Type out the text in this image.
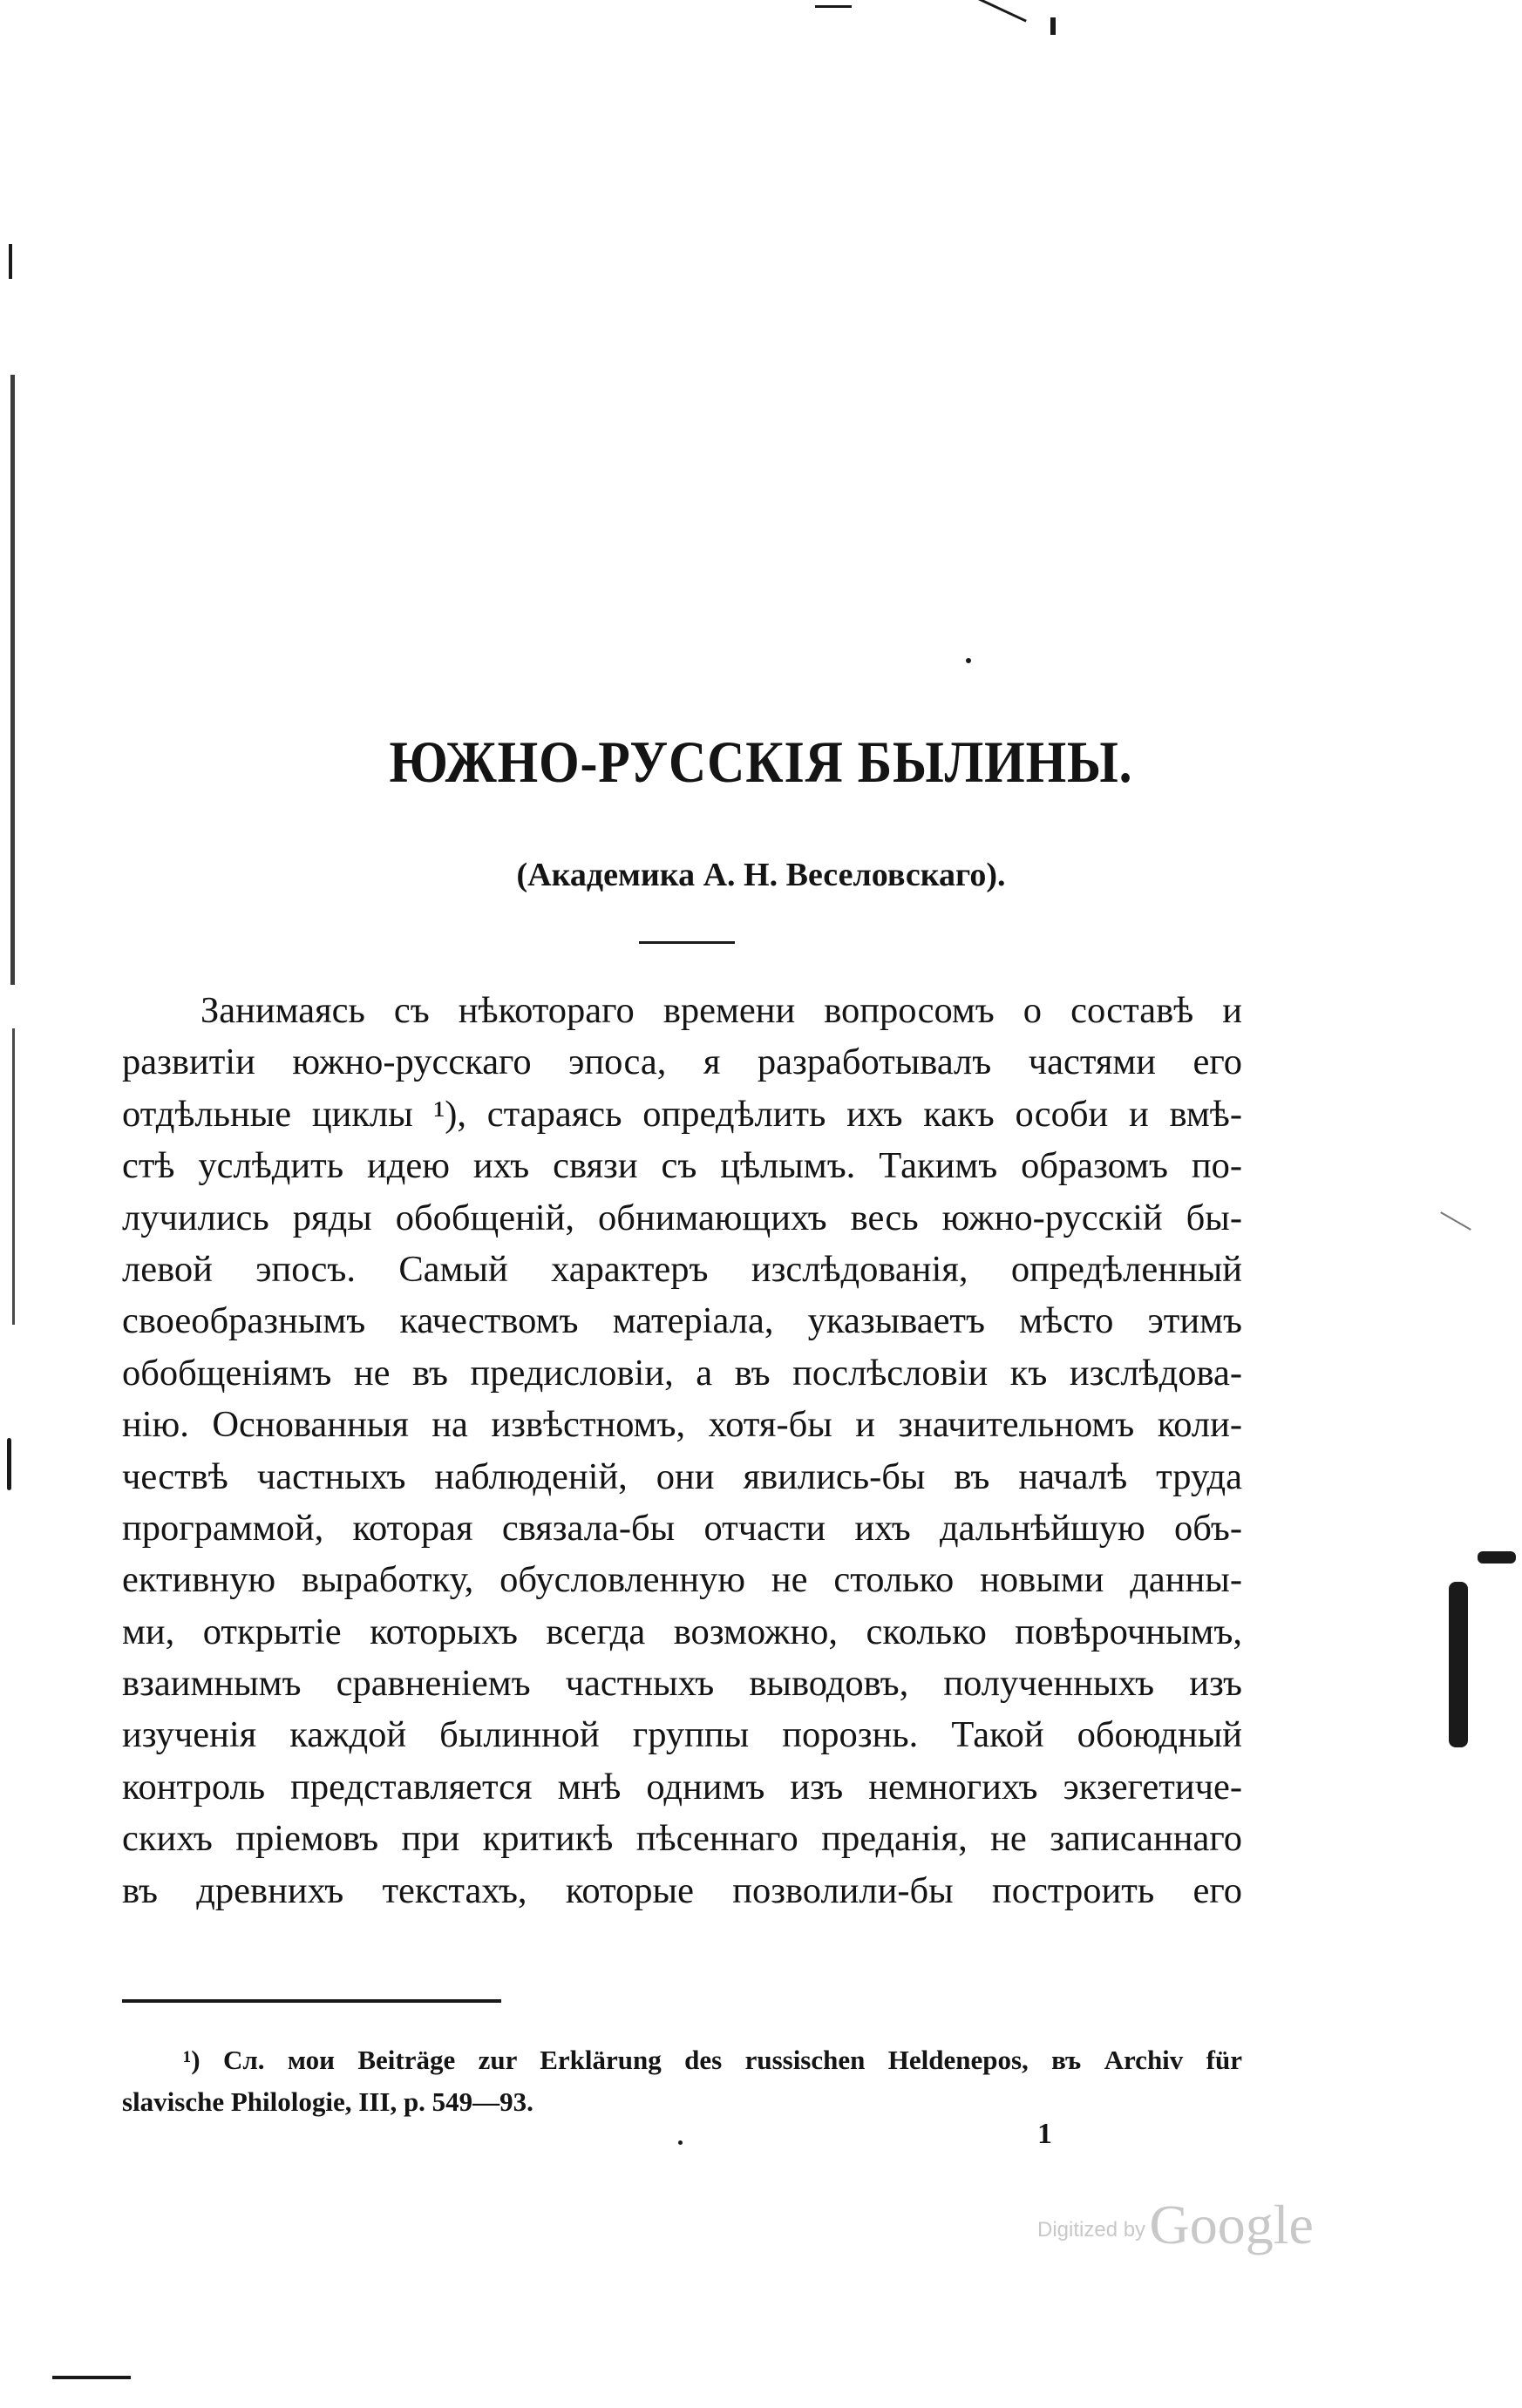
ЮЖНО-РУССКІЯ БЫЛИНЫ.
(Академика А. Н. Веселовскаго).
Занимаясь съ нѣкотораго времени вопросомъ о составѣ и
развитіи южно-русскаго эпоса, я разработывалъ частями его
отдѣльные циклы ¹), стараясь опредѣлить ихъ какъ особи и вмѣ-
стѣ услѣдить идею ихъ связи съ цѣлымъ. Такимъ образомъ по-
лучились ряды обобщеній, обнимающихъ весь южно-русскій бы-
левой эпосъ. Самый характеръ изслѣдованія, опредѣленный
своеобразнымъ качествомъ матеріала, указываетъ мѣсто этимъ
обобщеніямъ не въ предисловіи, а въ послѣсловіи къ изслѣдова-
нію. Основанныя на извѣстномъ, хотя-бы и значительномъ коли-
чествѣ частныхъ наблюденій, они явились-бы въ началѣ труда
программой, которая связала-бы отчасти ихъ дальнѣйшую объ-
ективную выработку, обусловленную не столько новыми данны-
ми, открытіе которыхъ всегда возможно, сколько повѣрочнымъ,
взаимнымъ сравненіемъ частныхъ выводовъ, полученныхъ изъ
изученія каждой былинной группы порознь. Такой обоюдный
контроль представляется мнѣ однимъ изъ немногихъ экзегетиче-
скихъ пріемовъ при критикѣ пѣсеннаго преданія, не записаннаго
въ древнихъ текстахъ, которые позволили-бы построить его
¹) Сл. мои Beiträge zur Erklärung des russischen Heldenepos, въ Archiv für
slavische Philologie, III, p. 549—93.
1
Digitized by Google
